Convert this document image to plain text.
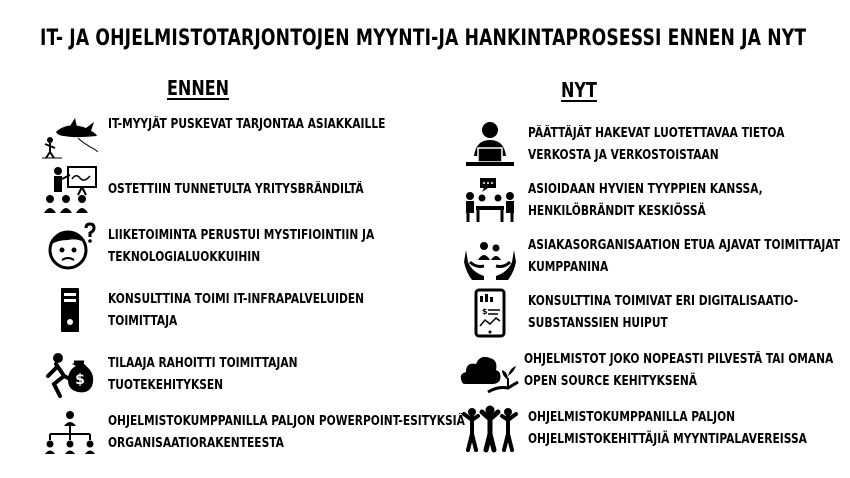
IT- JA OHJELMISTOTARJONTOJEN MYYNTI-JA HANKINTAPROSESSI ENNEN JA NYT
ENNEN	NYT
IT-MYYJÄT PUSKEVAT TARJONTAA ASIAKKAILLE
OSTETTIIN TUNNETULTA YRITYSBRÄNDILTÄ
LIIKETOIMINTA PERUSTUI MYSTIFIOINTIIN JA
TEKNOLOGIALUOKKUIHIN
KONSULTTINA TOIMI IT-INFRAPALVELUIDEN
TOIMITTAJA
$
TILAAJA RAHOITTI TOIMITTAJAN
TUOTEKEHITYKSEN
OHJELMISTOKUMPPANILLA PALJON POWERPOINT-ESITYKSIÄ
ORGANISAATIORAKENTEESTA
PÄÄTTÄJÄT HAKEVAT LUOTETTAVAA TIETOA
VERKOSTA JA VERKOSTOISTAAN
ASIOIDAAN HYVIEN TYYPPIEN KANSSA,
HENKILÖBRÄNDIT KESKIÖSSÄ
ASIAKASORGANISAATION ETUA AJAVAT TOIMITTAJAT
KUMPPANINA
$
KONSULTTINA TOIMIVAT ERI DIGITALISAATIO-
SUBSTANSSIEN HUIPUT
OHJELMISTOT JOKO NOPEASTI PILVESTÄ TAI OMANA
OPEN SOURCE KEHITYKSENÄ
OHJELMISTOKUMPPANILLA PALJON
OHJELMISTOKEHITTÄJIÄ MYYNTIPALAVEREISSA
